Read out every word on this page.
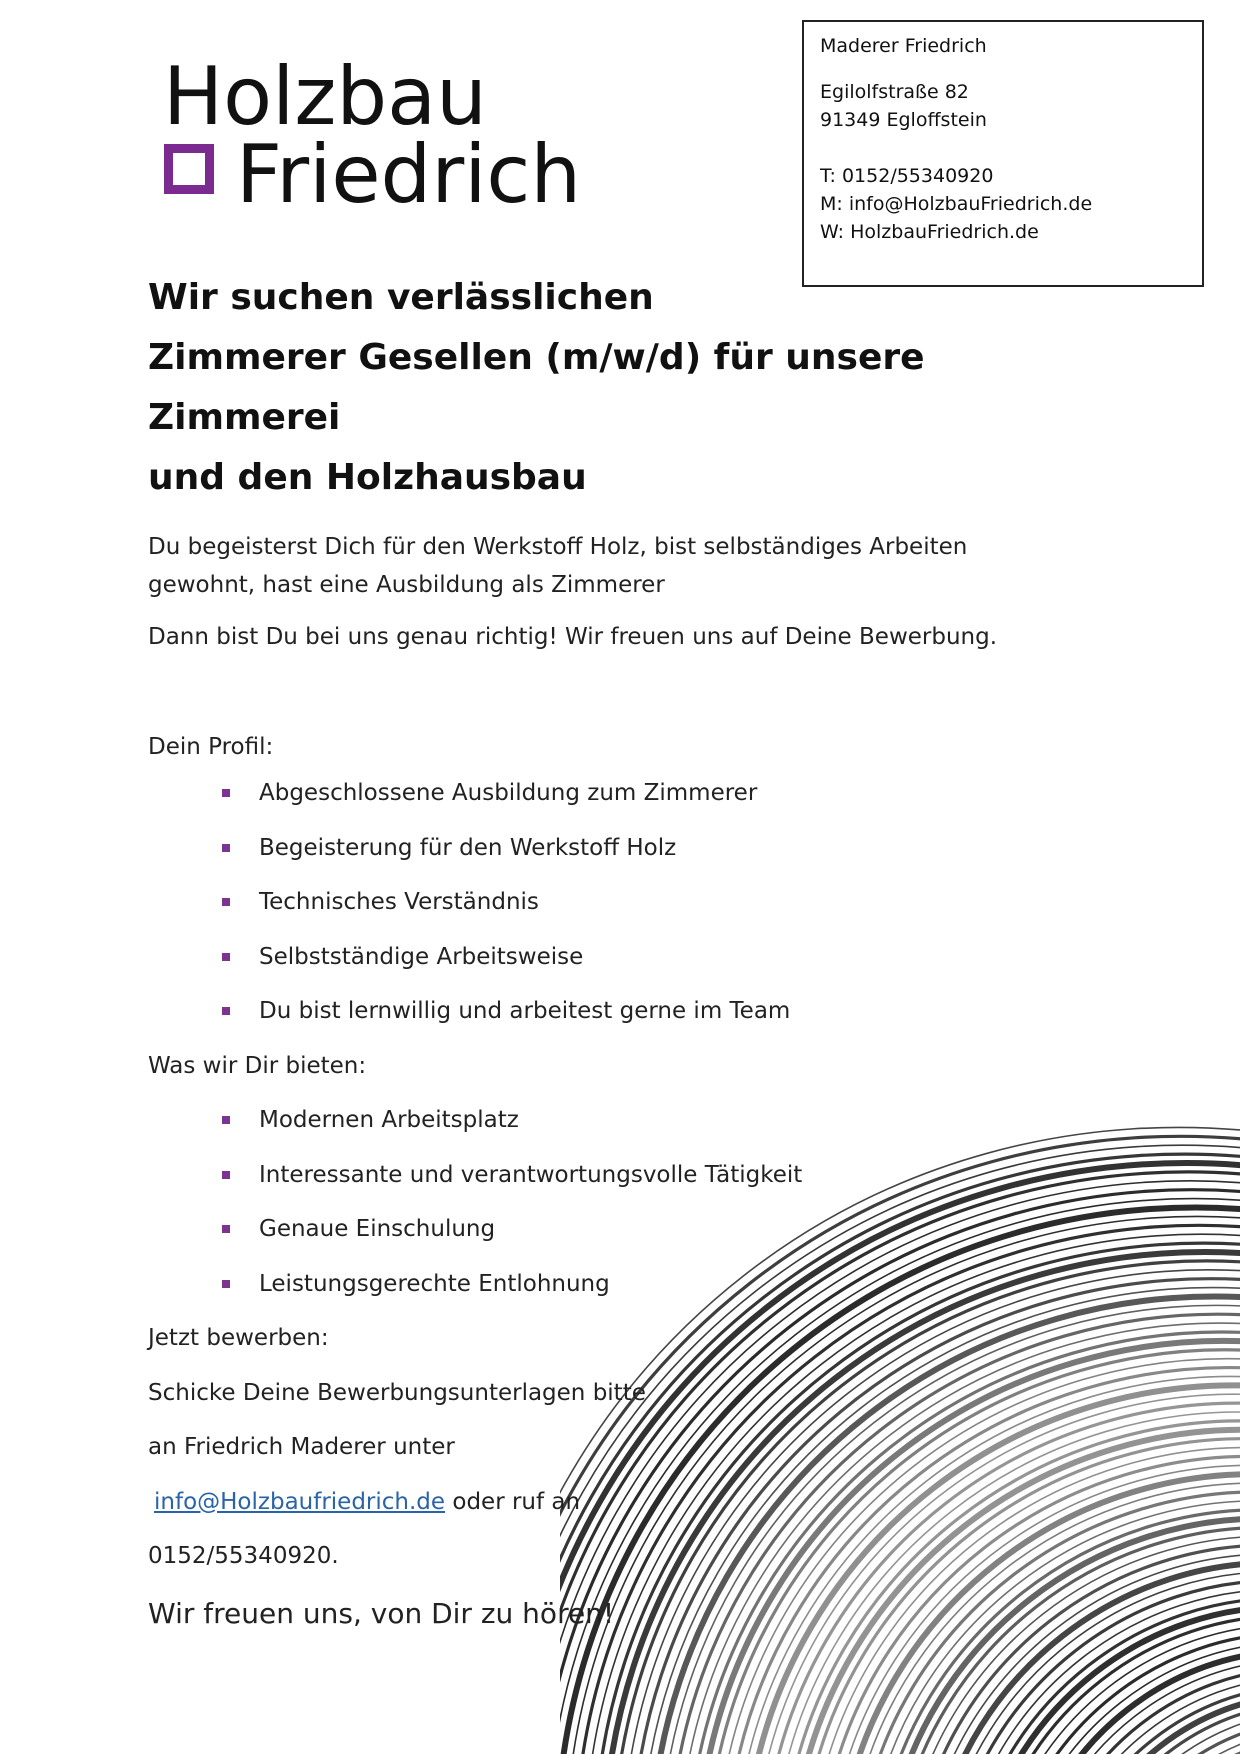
Holzbau
Friedrich
Maderer Friedrich
Egilolfstraße 82
91349 Egloffstein
T: 0152/55340920
M: info@HolzbauFriedrich.de
W: HolzbauFriedrich.de
Wir suchen verlässlichen
Zimmerer Gesellen (m/w/d) für unsere Zimmerei
und den Holzhausbau

Du begeisterst Dich für den Werkstoff Holz, bist selbständiges Arbeiten
gewohnt, hast eine Ausbildung als Zimmerer

Dann bist Du bei uns genau richtig! Wir freuen uns auf Deine Bewerbung.

Dein Profil:

Abgeschlossene Ausbildung zum Zimmerer
Begeisterung für den Werkstoff Holz
Technisches Verständnis
Selbstständige Arbeitsweise
Du bist lernwillig und arbeitest gerne im Team

Was wir Dir bieten:

Modernen Arbeitsplatz
Interessante und verantwortungsvolle Tätigkeit
Genaue Einschulung
Leistungsgerechte Entlohnung

Jetzt bewerben:

Schicke Deine Bewerbungsunterlagen bitte

an Friedrich Maderer unter

info@Holzbaufriedrich.de oder ruf an

0152/55340920.

Wir freuen uns, von Dir zu hören!
